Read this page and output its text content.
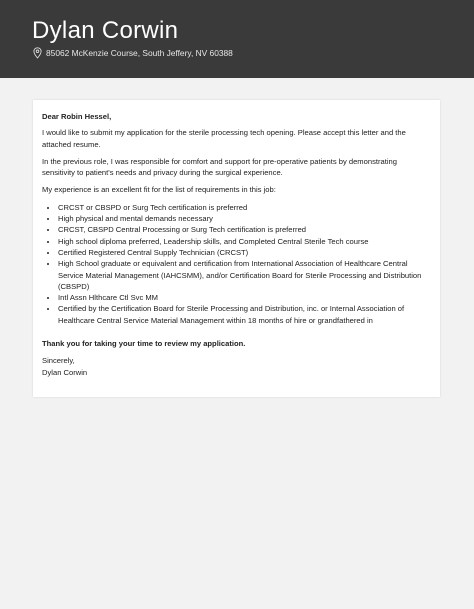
Dylan Corwin
85062 McKenzie Course, South Jeffery, NV 60388

Dear Robin Hessel,

I would like to submit my application for the sterile processing tech opening. Please accept this letter and the attached resume.

In the previous role, I was responsible for comfort and support for pre-operative patients by demonstrating sensitivity to patient's needs and privacy during the surgical experience.

My experience is an excellent fit for the list of requirements in this job:

• CRCST or CBSPD or Surg Tech certification is preferred
• High physical and mental demands necessary
• CRCST, CBSPD Central Processing or Surg Tech certification is preferred
• High school diploma preferred, Leadership skills, and Completed Central Sterile Tech course
• Certified Registered Central Supply Technician (CRCST)
• High School graduate or equivalent and certification from International Association of Healthcare Central Service Material Management (IAHCSMM), and/or Certification Board for Sterile Processing and Distribution (CBSPD)
• Intl Assn Hlthcare Ctl Svc MM
• Certified by the Certification Board for Sterile Processing and Distribution, inc. or Internal Association of Healthcare Central Service Material Management within 18 months of hire or grandfathered in

Thank you for taking your time to review my application.

Sincerely,

Dylan Corwin
